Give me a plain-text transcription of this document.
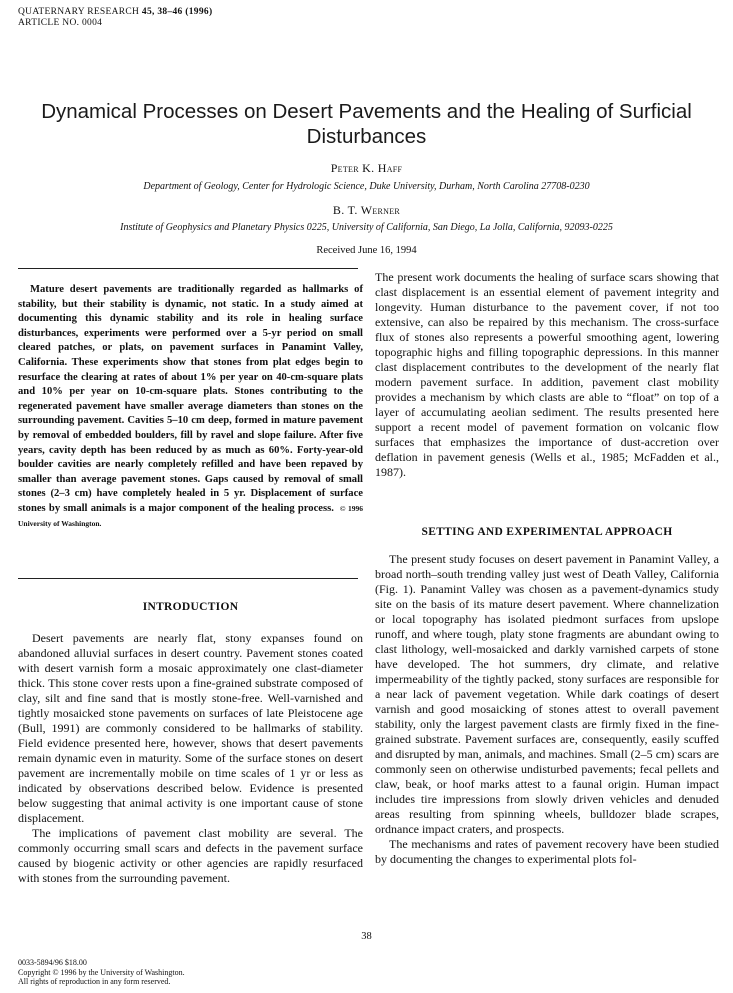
QUATERNARY RESEARCH 45, 38–46 (1996)
ARTICLE NO. 0004
Dynamical Processes on Desert Pavements and the Healing of Surficial Disturbances
Peter K. Haff
Department of Geology, Center for Hydrologic Science, Duke University, Durham, North Carolina 27708-0230
B. T. Werner
Institute of Geophysics and Planetary Physics 0225, University of California, San Diego, La Jolla, California, 92093-0225
Received June 16, 1994
Mature desert pavements are traditionally regarded as hallmarks of stability, but their stability is dynamic, not static. In a study aimed at documenting this dynamic stability and its role in healing surface disturbances, experiments were performed over a 5-yr period on small cleared patches, or plats, on pavement surfaces in Panamint Valley, California. These experiments show that stones from plat edges begin to resurface the clearing at rates of about 1% per year on 40-cm-square plats and 10% per year on 10-cm-square plats. Stones contributing to the regenerated pavement have smaller average diameters than stones on the surrounding pavement. Cavities 5–10 cm deep, formed in mature pavement by removal of embedded boulders, fill by ravel and slope failure. After five years, cavity depth has been reduced by as much as 60%. Forty-year-old boulder cavities are nearly completely refilled and have been repaved by smaller than average pavement stones. Gaps caused by removal of small stones (2–3 cm) have completely healed in 5 yr. Displacement of surface stones by small animals is a major component of the healing process. © 1996 University of Washington.
INTRODUCTION

Desert pavements are nearly flat, stony expanses found on abandoned alluvial surfaces in desert country. Pavement stones coated with desert varnish form a mosaic approximately one clast-diameter thick. This stone cover rests upon a fine-grained substrate composed of clay, silt and fine sand that is mostly stone-free. Well-varnished and tightly mosaicked stone pavements on surfaces of late Pleistocene age (Bull, 1991) are commonly considered to be hallmarks of stability. Field evidence presented here, however, shows that desert pavements remain dynamic even in maturity. Some of the surface stones on desert pavement are incrementally mobile on time scales of 1 yr or less as indicated by observations described below. Evidence is presented below suggesting that animal activity is one important cause of stone displacement.

The implications of pavement clast mobility are several. The commonly occurring small scars and defects in the pavement surface caused by biogenic activity or other agencies are rapidly resurfaced with stones from the surrounding pavement.

The present work documents the healing of surface scars showing that clast displacement is an essential element of pavement integrity and longevity. Human disturbance to the pavement cover, if not too extensive, can also be repaired by this mechanism. The cross-surface flux of stones also represents a powerful smoothing agent, lowering topographic highs and filling topographic depressions. In this manner clast displacement contributes to the development of the nearly flat modern pavement surface. In addition, pavement clast mobility provides a mechanism by which clasts are able to “float” on top of a layer of accumulating aeolian sediment. The results presented here support a recent model of pavement formation on volcanic flow surfaces that emphasizes the importance of dust-accretion over deflation in pavement genesis (Wells et al., 1985; McFadden et al., 1987).

SETTING AND EXPERIMENTAL APPROACH

The present study focuses on desert pavement in Panamint Valley, a broad north–south trending valley just west of Death Valley, California (Fig. 1). Panamint Valley was chosen as a pavement-dynamics study site on the basis of its mature desert pavement. Where channelization or local topography has isolated piedmont surfaces from upslope runoff, and where tough, platy stone fragments are abundant owing to clast lithology, well-mosaicked and darkly varnished carpets of stone have developed. The hot summers, dry climate, and relative impermeability of the tightly packed, stony surfaces are responsible for a near lack of pavement vegetation. While dark coatings of desert varnish and good mosaicking of stones attest to overall pavement stability, only the largest pavement clasts are firmly fixed in the fine-grained substrate. Pavement surfaces are, consequently, easily scuffed and disrupted by man, animals, and machines. Small (2–5 cm) scars are commonly seen on otherwise undisturbed pavements; fecal pellets and claw, beak, or hoof marks attest to a faunal origin. Human impact includes tire impressions from slowly driven vehicles and denuded areas resulting from spinning wheels, bulldozer blade scrapes, ordnance impact craters, and prospects.

The mechanisms and rates of pavement recovery have been studied by documenting the changes to experimental plots fol-

38
0033-5894/96 $18.00
Copyright © 1996 by the University of Washington.
All rights of reproduction in any form reserved.
